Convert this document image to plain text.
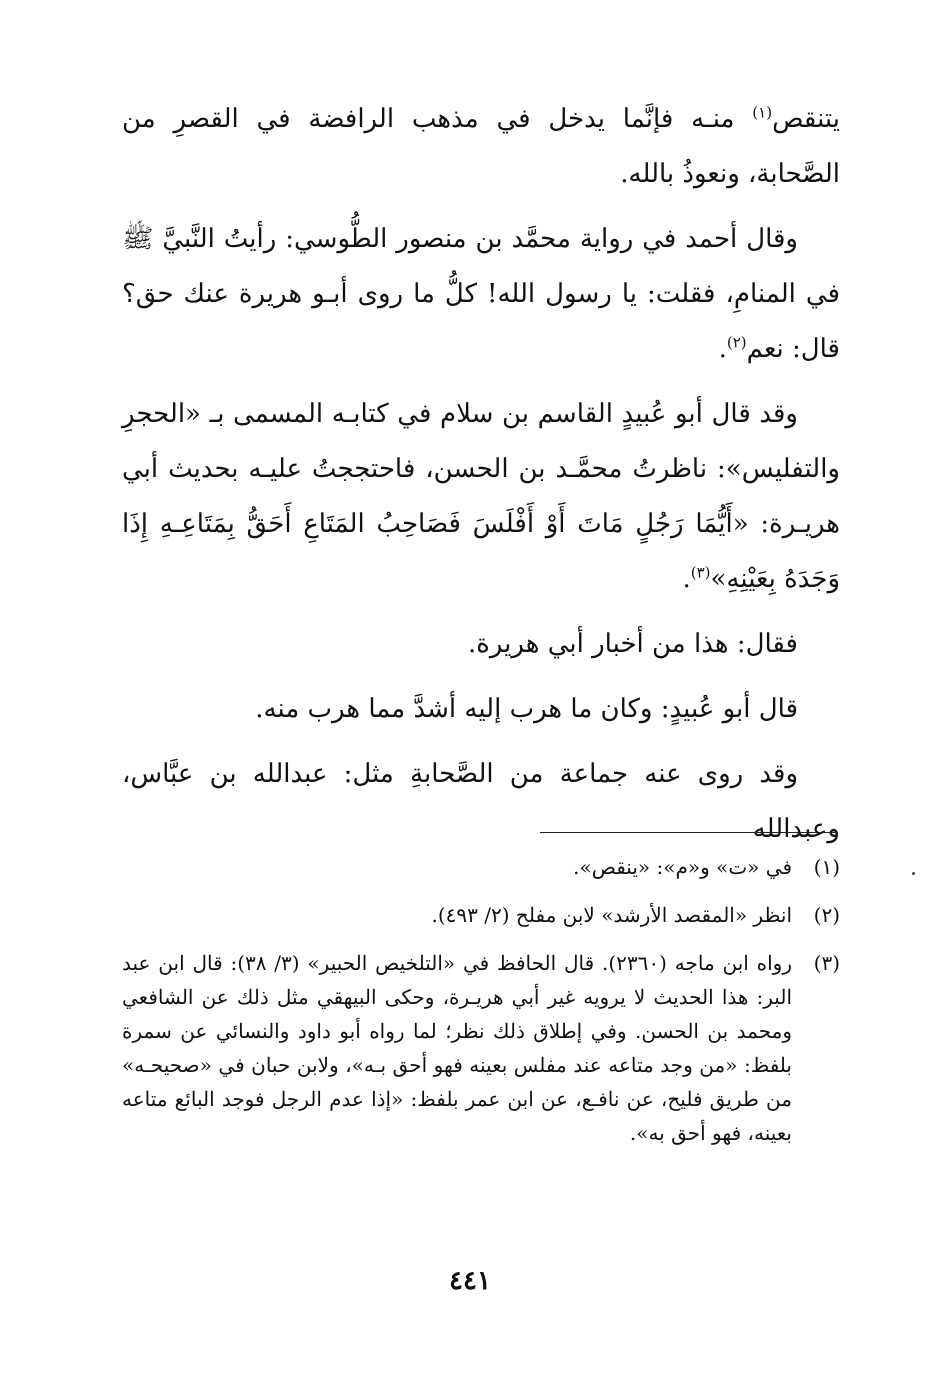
يتنقص$^{(١)}$ منـه فإنَّما يدخل في مذهب الرافضة في القصرِ من الصَّحابة، ونعوذُ بالله.

وقال أحمد في رواية محمَّد بن منصور الطُّوسي: رأيتُ النَّبيَّ ﷺ في المنامِ، فقلت: يا رسول الله! كلُّ ما روى أبـو هريرة عنك حق؟ قال: نعم$^{(٢)}$.

وقد قال أبو عُبيدٍ القاسم بن سلام في كتابـه المسمى بـ «الحجرِ والتفليس»: ناظرتُ محمَّـد بن الحسن، فاحتججتُ عليـه بحديث أبي هريـرة: «أَيُّمَا رَجُلٍ مَاتَ أَوْ أَفْلَسَ فَصَاحِبُ المَتَاعِ أَحَقُّ بِمَتَاعِـهِ إِذَا وَجَدَهُ بِعَيْنِهِ»$^{(٣)}$.

فقال: هذا من أخبار أبي هريرة.

قال أبو عُبيدٍ: وكان ما هرب إليه أشدَّ مما هرب منه.

وقد روى عنه جماعة من الصَّحابةِ مثل: عبدالله بن عبَّاس، وعبدالله

(١)
في «ت» و«م»: «ينقص».
(٢)
انظر «المقصد الأرشد» لابن مفلح (٢/ ٤٩٣).
(٣)
رواه ابن ماجه (٢٣٦٠). قال الحافظ في «التلخيص الحبير» (٣/ ٣٨): قال ابن عبد البر: هذا الحديث لا يرويه غير أبي هريـرة، وحكى البيهقي مثل ذلك عن الشافعي ومحمد بن الحسن. وفي إطلاق ذلك نظر؛ لما رواه أبو داود والنسائي عن سمرة بلفظ: «من وجد متاعه عند مفلس بعينه فهو أحق بـه»، ولابن حبان في «صحيحـه» من طريق فليح، عن نافـع، عن ابن عمر بلفظ: «إذا عدم الرجل فوجد البائع متاعه بعينه، فهو أحق به».
٤٤١
